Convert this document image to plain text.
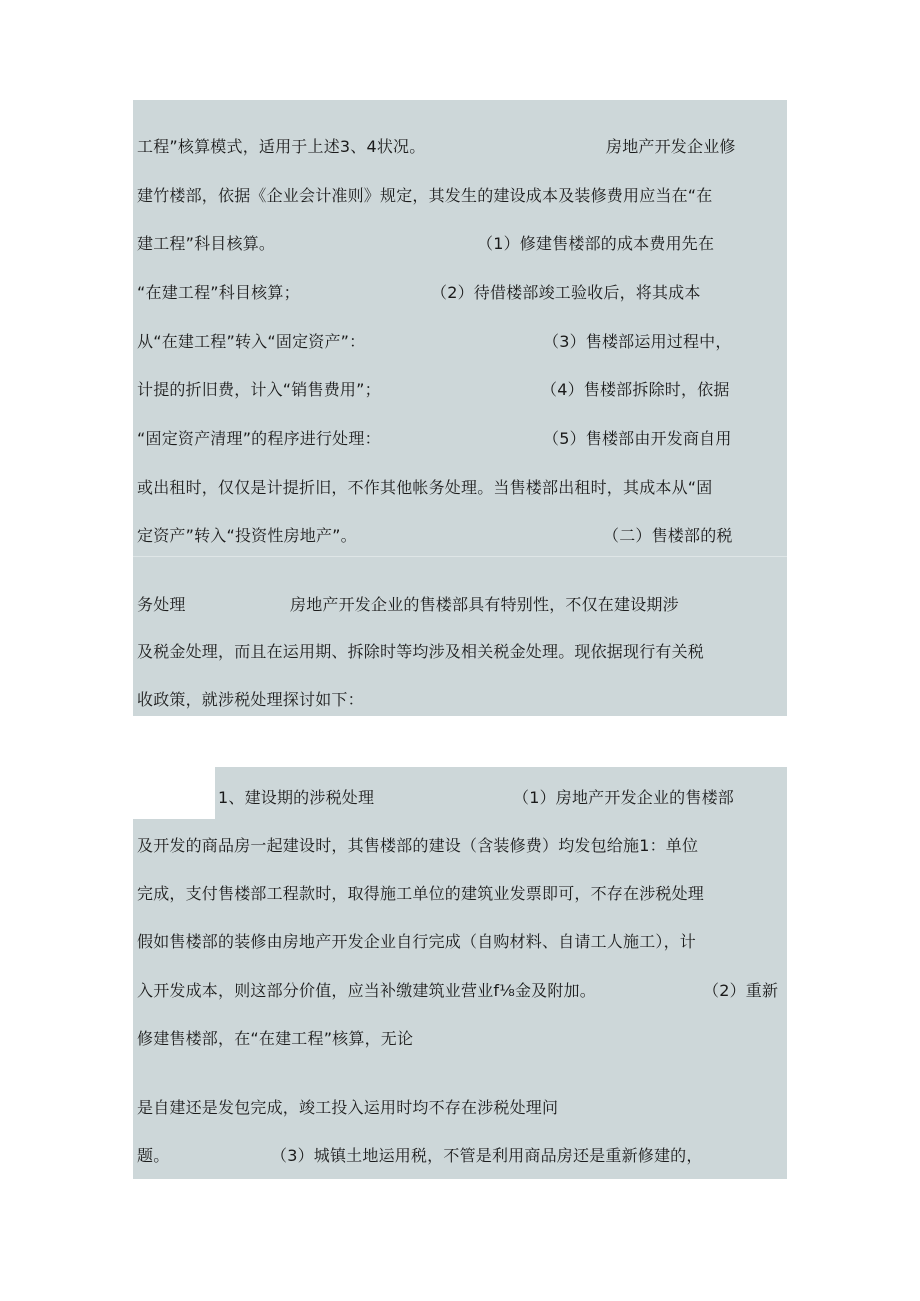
工程”核算模式，适用于上述3、4状况。	房地产开发企业修
建竹楼部，依据《企业会计准则》规定，其发生的建设成本及装修费用应当在“在
建工程”科目核算。	（1）修建售楼部的成本费用先在
“在建工程”科目核算；	（2）待借楼部竣工验收后，将其成本
从“在建工程”转入“固定资产”：	（3）售楼部运用过程中，
计提的折旧费，计入“销售费用”；	（4）售楼部拆除时，依据
“固定资产清理”的程序进行处理：	（5）售楼部由开发商自用
或出租时，仅仅是计提折旧，不作其他帐务处理。当售楼部出租时，其成本从“固
定资产”转入“投资性房地产”。	（二）售楼部的税
务处理	房地产开发企业的售楼部具有特别性，不仅在建设期涉
及税金处理，而且在运用期、拆除时等均涉及相关税金处理。现依据现行有关税
收政策，就涉税处理探讨如下：
1、建设期的涉税处理	（1）房地产开发企业的售楼部
及开发的商品房一起建设时，其售楼部的建设（含装修费）均发包给施1：单位
完成，支付售楼部工程款时，取得施工单位的建筑业发票即可，不存在涉税处理
假如售楼部的装修由房地产开发企业自行完成（自购材料、自请工人施工），计
入开发成本，则这部分价值，应当补缴建筑业营业f⅛金及附加。	（2）重新
修建售楼部，在“在建工程”核算，无论
是自建还是发包完成，竣工投入运用时均不存在涉税处理问
题。	（3）城镇土地运用税，不管是利用商品房还是重新修建的，
